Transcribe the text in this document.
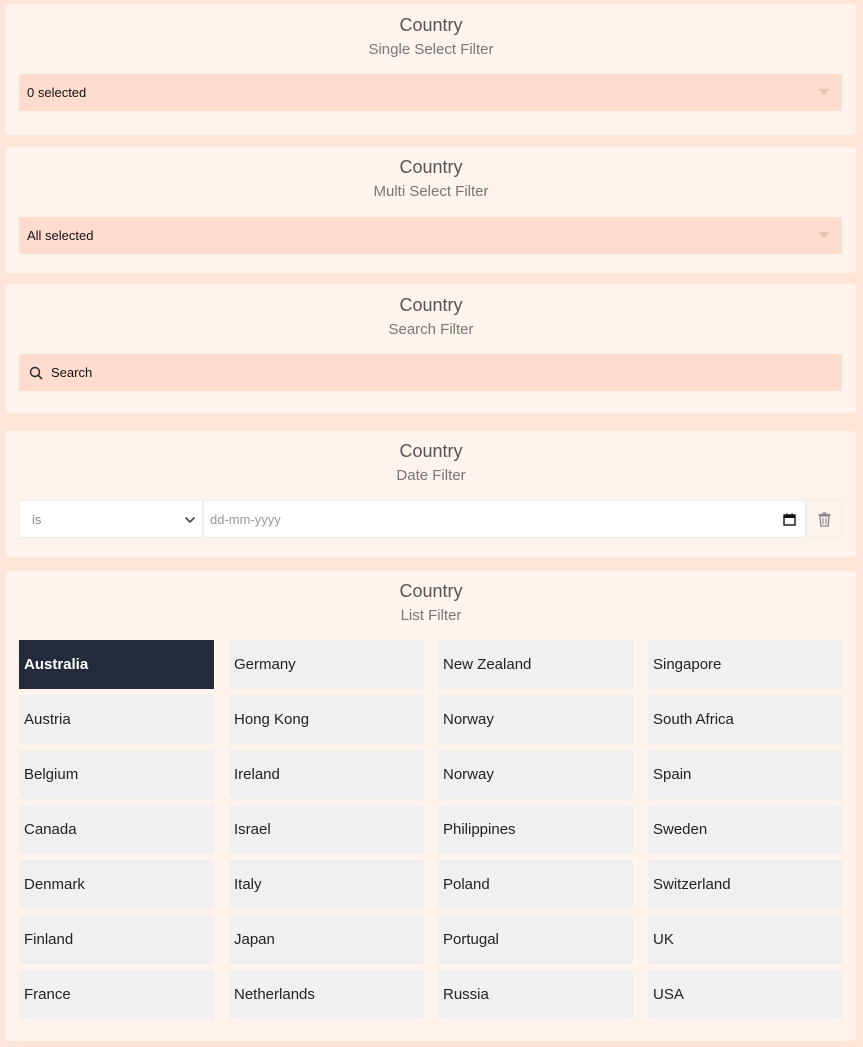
Country
Single Select Filter
0 selected
Country
Multi Select Filter
All selected
Country
Search Filter
Search
Country
Date Filter
is	dd-mm-yyyy
Country
List Filter
Australia
Austria
Belgium
Canada
Denmark
Finland
France
Germany
Hong Kong
Ireland
Israel
Italy
Japan
Netherlands
New Zealand
Norway
Norway
Philippines
Poland
Portugal
Russia
Singapore
South Africa
Spain
Sweden
Switzerland
UK
USA
